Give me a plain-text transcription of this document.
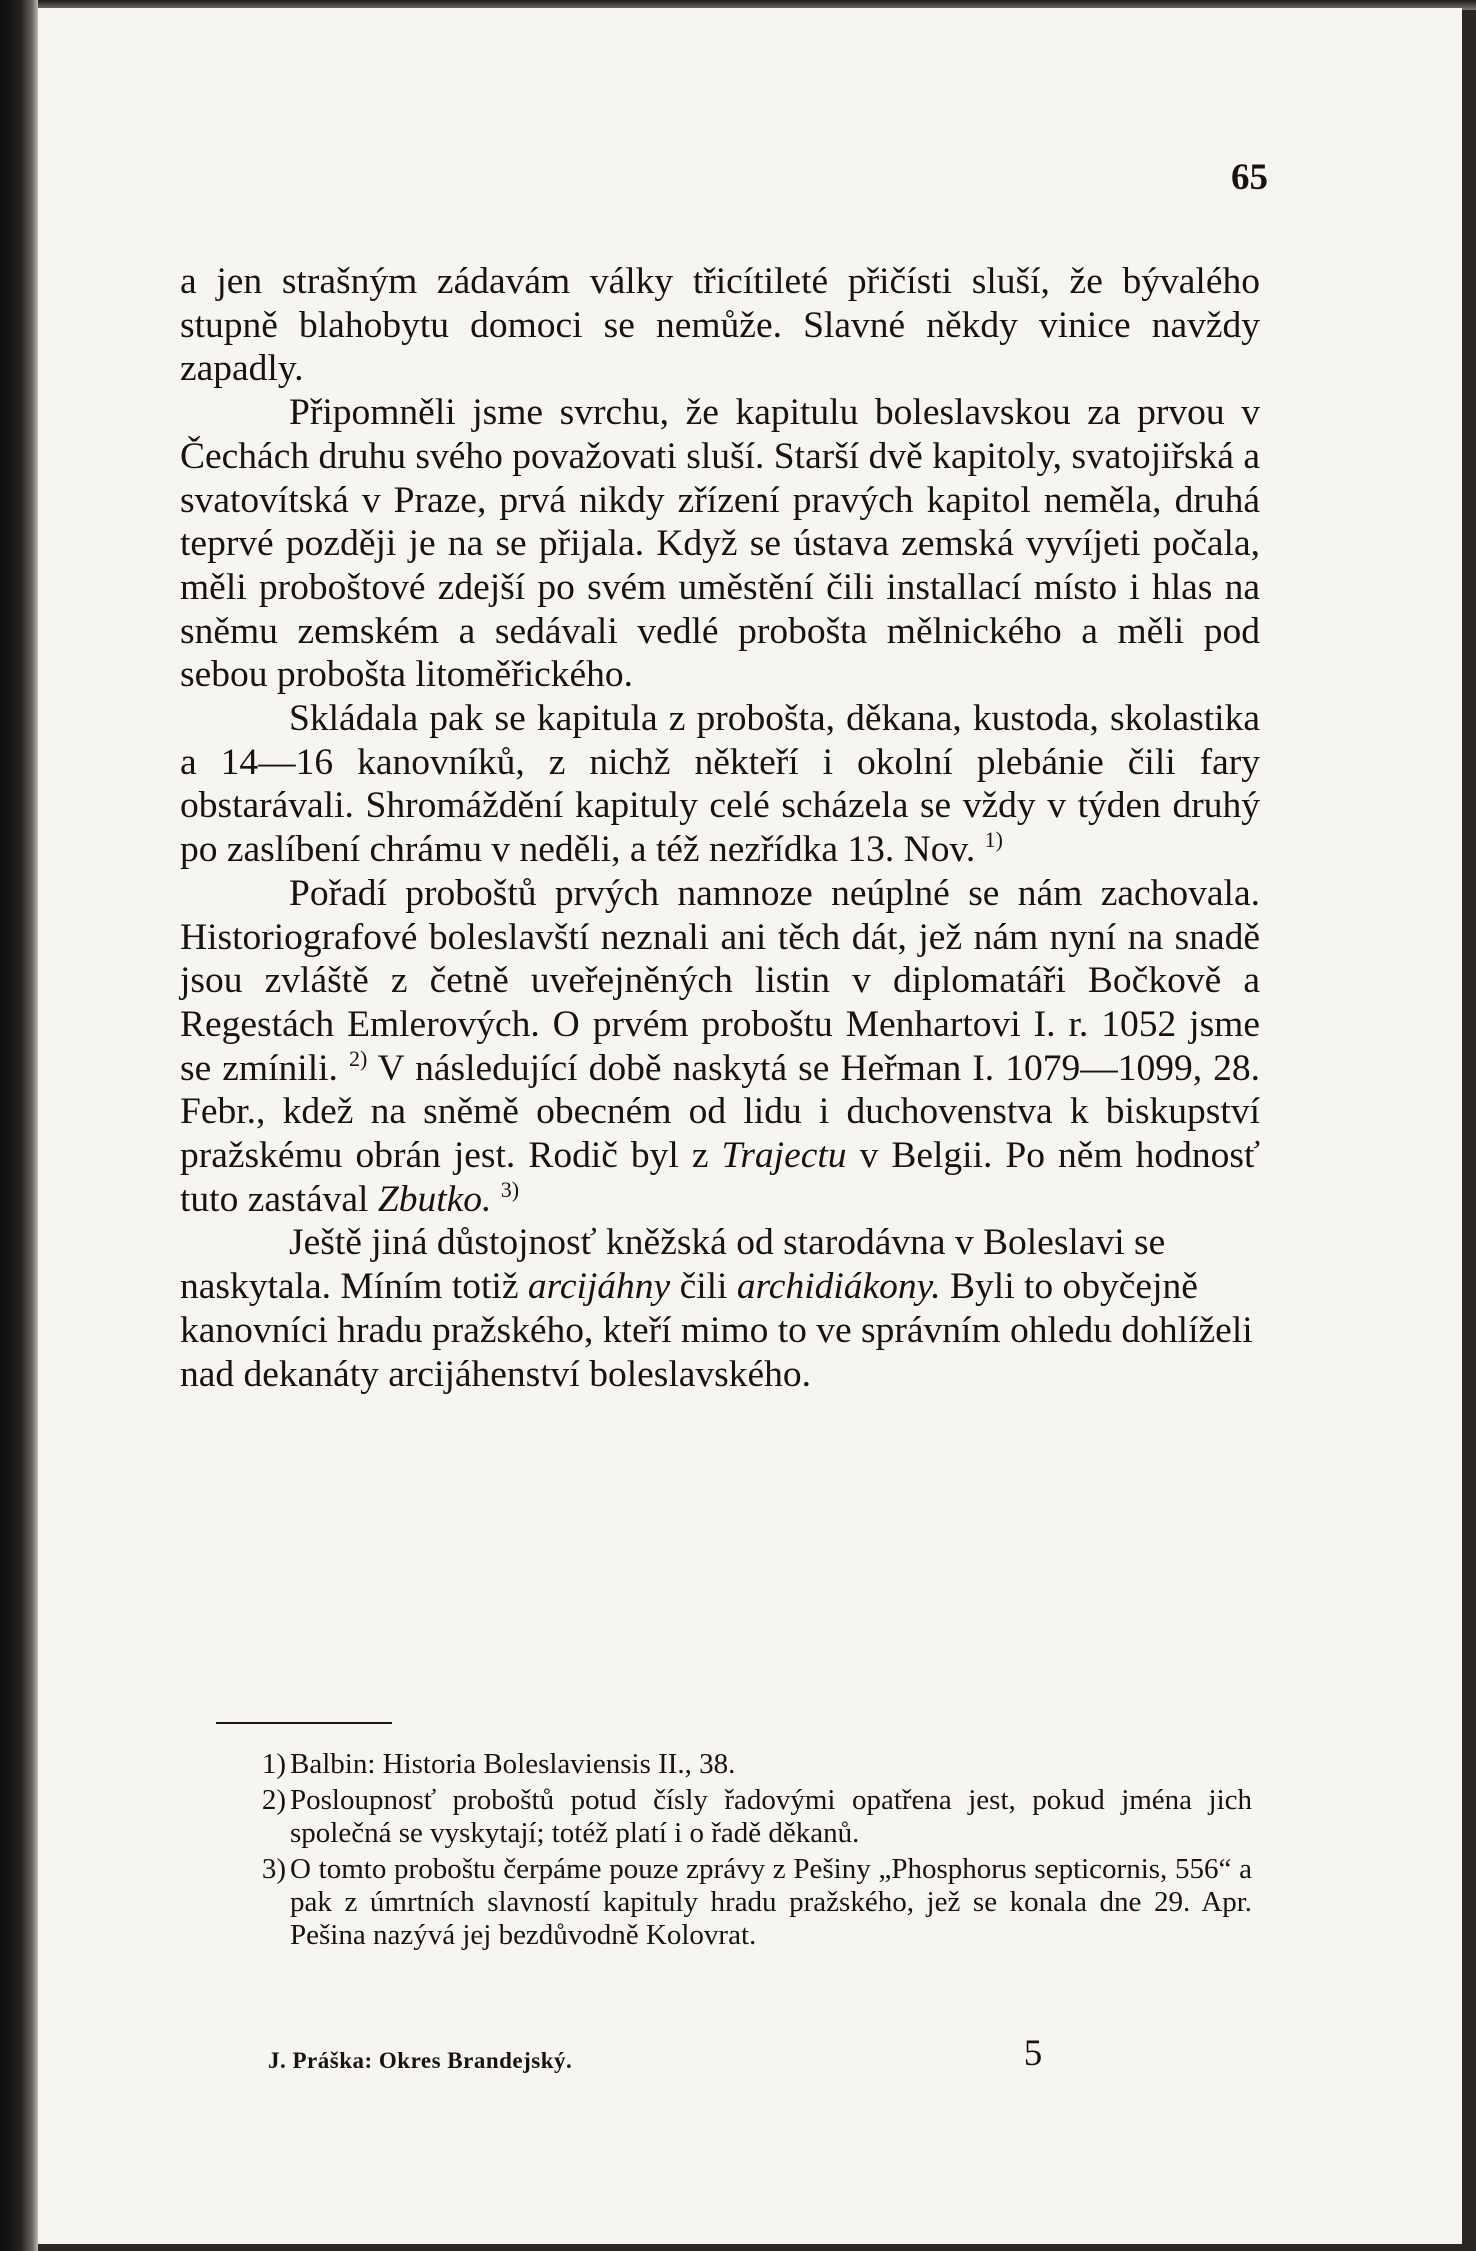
65

a jen strašným zádavám války třicítileté přičísti sluší, že bývalého stupně blahobytu domoci se nemůže. Slavné někdy vinice navždy zapadly.

Připomněli jsme svrchu, že kapitulu boleslavskou za prvou v Čechách druhu svého považovati sluší. Starší dvě kapitoly, svatojiřská a svatovítská v Praze, prvá nikdy zřízení pravých kapitol neměla, druhá teprvé později je na se přijala. Když se ústava zemská vyvíjeti počala, měli proboštové zdejší po svém uměstění čili installací místo i hlas na sněmu zemském a sedávali vedlé probošta mělnického a měli pod sebou probošta litoměřického.

Skládala pak se kapitula z probošta, děkana, kustoda, skolastika a 14—16 kanovníků, z nichž někteří i okolní plebánie čili fary obstarávali. Shromáždění kapituly celé scházela se vždy v týden druhý po zaslíbení chrámu v neděli, a též nezřídka 13. Nov. $^{1)}$

Pořadí proboštů prvých namnoze neúplné se nám zachovala. Historiografové boleslavští neznali ani těch dát, jež nám nyní na snadě jsou zvláště z četně uveřejněných listin v diplomatáři Bočkově a Regestách Emlerových. O prvém proboštu Menhartovi I. r. 1052 jsme se zmínili. $^{2)}$ V následující době naskytá se Heřman I. 1079—1099, 28. Febr., kdež na sněmě obecném od lidu i duchovenstva k biskupství pražskému obrán jest. Rodič byl z Trajectu v Belgii. Po něm hodnosť tuto zastával Zbutko. $^{3)}$

Ještě jiná důstojnosť kněžská od starodávna v Boleslavi se naskytala. Míním totiž arcijáhny čili archidiákony. Byli to obyčejně kanovníci hradu pražského, kteří mimo to ve správním ohledu dohlíželi nad dekanáty arcijáhenství boleslavského.

1) Balbin: Historia Boleslaviensis II., 38.
2) Posloupnosť proboštů potud čísly řadovými opatřena jest, pokud jména jich společná se vyskytají; totéž platí i o řadě děkanů.
3) O tomto proboštu čerpáme pouze zprávy z Pešiny „Phosphorus septicornis, 556“ a pak z úmrtních slavností kapituly hradu pražského, jež se konala dne 29. Apr. Pešina nazývá jej bezdůvodně Kolovrat.
J. Práška: Okres Brandejský.	5
